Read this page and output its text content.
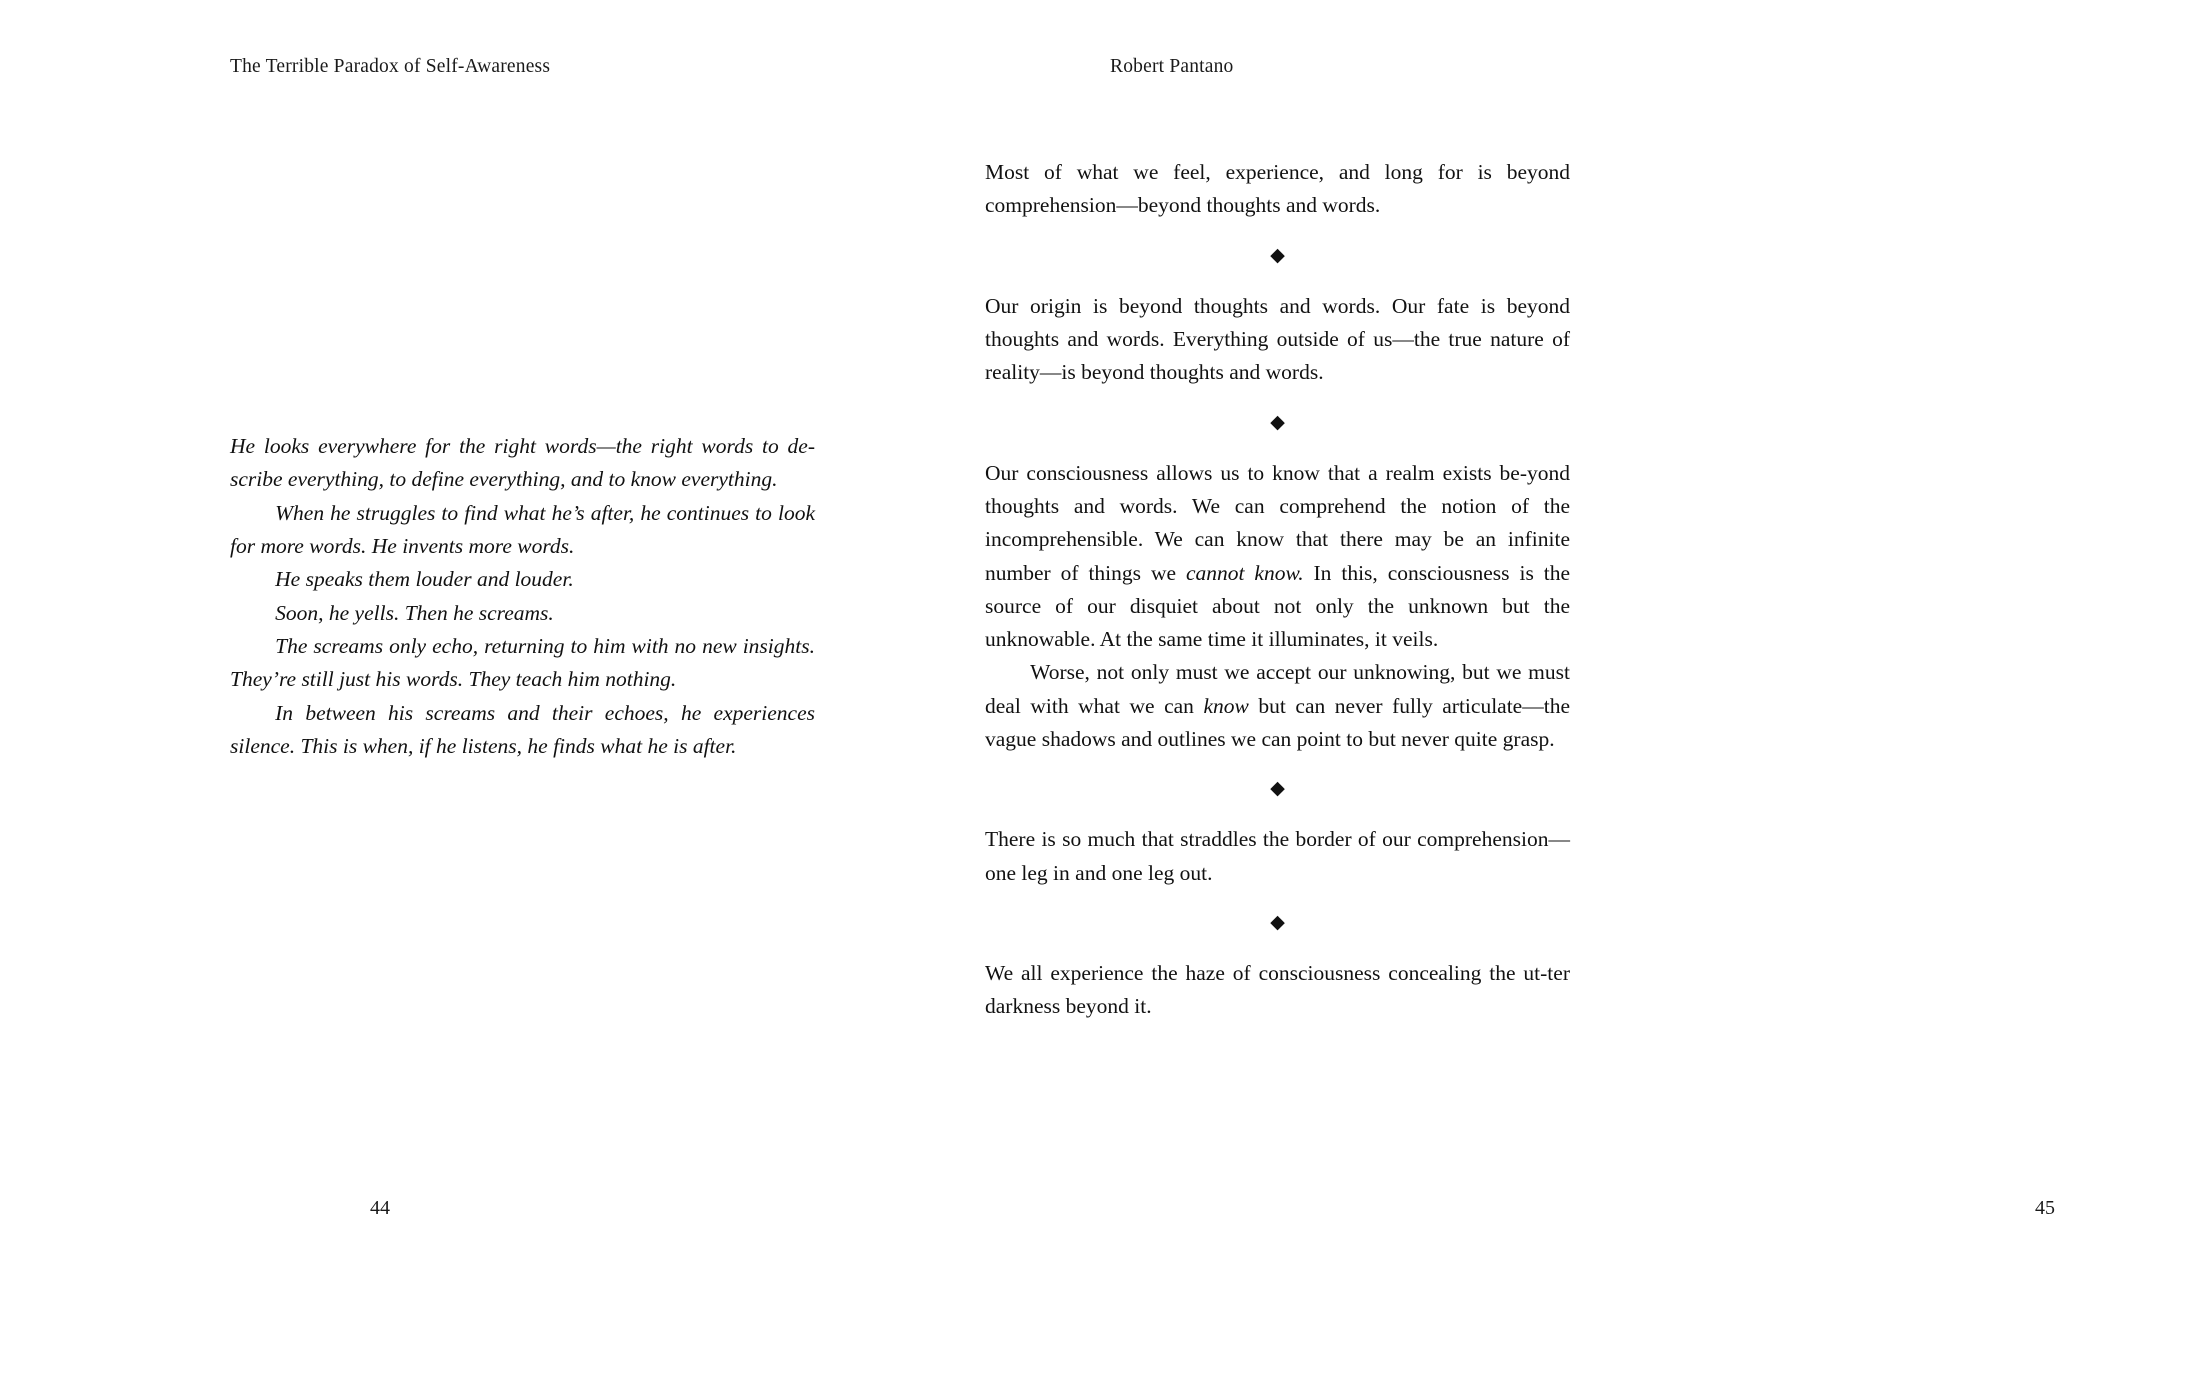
The Terrible Paradox of Self-Awareness

He looks everywhere for the right words—the right words to de-scribe everything, to define everything, and to know everything.

When he struggles to find what he’s after, he continues to look for more words. He invents more words.

He speaks them louder and louder.

Soon, he yells. Then he screams.

The screams only echo, returning to him with no new insights. They’re still just his words. They teach him nothing.

In between his screams and their echoes, he experiences silence. This is when, if he listens, he finds what he is after.

44
Robert Pantano

Most of what we feel, experience, and long for is beyond comprehension—beyond thoughts and words.

◆

Our origin is beyond thoughts and words. Our fate is beyond thoughts and words. Everything outside of us—the true nature of reality—is beyond thoughts and words.

◆

Our consciousness allows us to know that a realm exists be-yond thoughts and words. We can comprehend the notion of the incomprehensible. We can know that there may be an infinite number of things we cannot know. In this, consciousness is the source of our disquiet about not only the unknown but the unknowable. At the same time it illuminates, it veils.

Worse, not only must we accept our unknowing, but we must deal with what we can know but can never fully articulate—the vague shadows and outlines we can point to but never quite grasp.

◆

There is so much that straddles the border of our comprehension—one leg in and one leg out.

◆

We all experience the haze of consciousness concealing the ut-ter darkness beyond it.

45
